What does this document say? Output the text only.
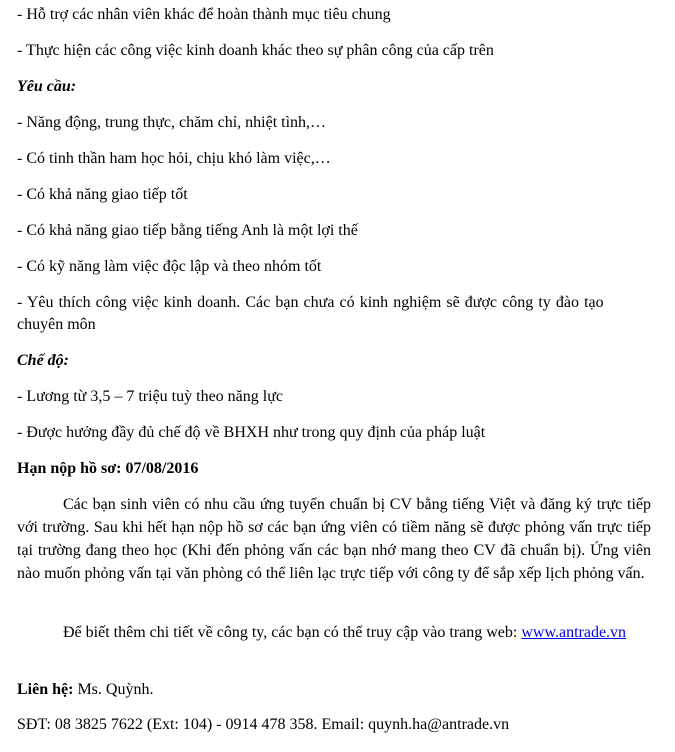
- Hỗ trợ các nhân viên khác để hoàn thành mục tiêu chung
- Thực hiện các công việc kinh doanh khác theo sự phân công của cấp trên
Yêu cầu:
- Năng động, trung thực, chăm chỉ, nhiệt tình,…
- Có tinh thần ham học hỏi, chịu khó làm việc,…
- Có khả năng giao tiếp tốt
- Có khả năng giao tiếp bằng tiếng Anh là một lợi thế
- Có kỹ năng làm việc độc lập và theo nhóm tốt
- Yêu thích công việc kinh doanh. Các bạn chưa có kinh nghiệm sẽ được công ty đào tạo
chuyên môn
Chế độ:
- Lương từ 3,5 – 7 triệu tuỳ theo năng lực
- Được hưởng đầy đủ chế độ về BHXH như trong quy định của pháp luật
Hạn nộp hồ sơ: 07/08/2016
Các bạn sinh viên có nhu cầu ứng tuyển chuẩn bị CV bằng tiếng Việt và đăng ký trực tiếp với trường. Sau khi hết hạn nộp hồ sơ các bạn ứng viên có tiềm năng sẽ được phỏng vấn trực tiếp tại trường đang theo học (Khi đến phỏng vấn các bạn nhớ mang theo CV đã chuẩn bị). Ứng viên nào muốn phỏng vấn tại văn phòng có thể liên lạc trực tiếp với công ty để sắp xếp lịch phỏng vấn.
Để biết thêm chi tiết về công ty, các bạn có thể truy cập vào trang web: www.antrade.vn
Liên hệ: Ms. Quỳnh.
SĐT: 08 3825 7622 (Ext: 104) - 0914 478 358. Email: quynh.ha@antrade.vn
